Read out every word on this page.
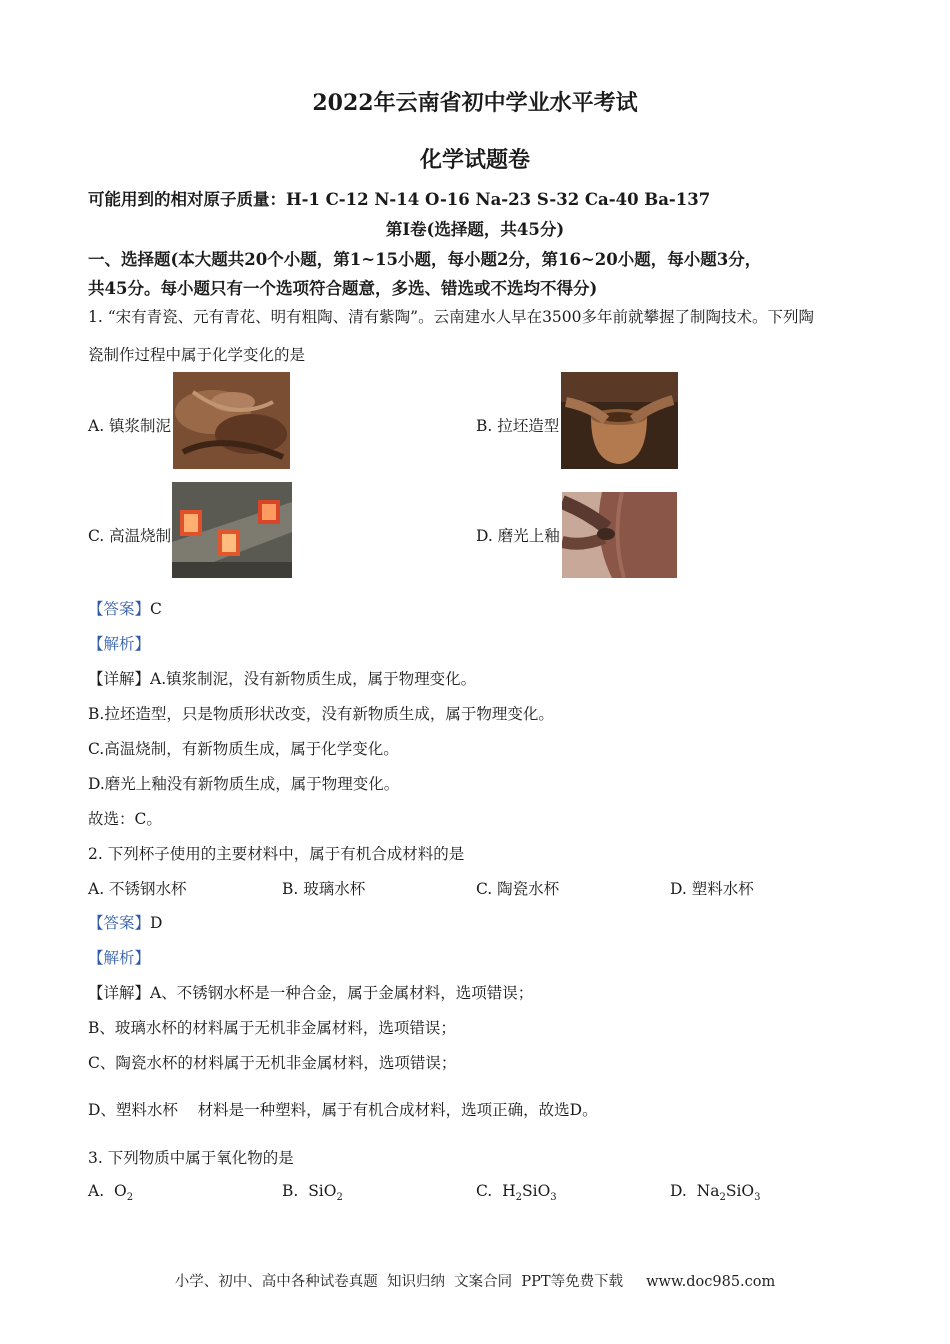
2022年云南省初中学业水平考试
化学试题卷
可能用到的相对原子质量：H-1 C-12 N-14 O-16 Na-23 S-32 Ca-40 Ba-137
第Ⅰ卷(选择题，共45分)
一、选择题(本大题共20个小题，第1~15小题，每小题2分，第16~20小题，每小题3分，
共45分。每小题只有一个选项符合题意，多选、错选或不选均不得分)
1. “宋有青瓷、元有青花、明有粗陶、清有紫陶”。云南建水人早在3500多年前就攀握了制陶技术。下列陶
瓷制作过程中属于化学变化的是
A. 镇浆制泥	B. 拉坯造型
C. 高温烧制	D. 磨光上釉
【答案】C
【解析】
【详解】A.镇浆制泥，没有新物质生成，属于物理变化。
B.拉坯造型，只是物质形状改变，没有新物质生成，属于物理变化。
C.高温烧制，有新物质生成，属于化学变化。
D.磨光上釉没有新物质生成，属于物理变化。
故选：C。
2. 下列杯子使用的主要材料中，属于有机合成材料的是
A. 不锈钢水杯	B. 玻璃水杯	C. 陶瓷水杯	D. 塑料水杯
【答案】D
【解析】
【详解】A、不锈钢水杯是一种合金，属于金属材料，选项错误；
B、玻璃水杯的材料属于无机非金属材料，选项错误；
C、陶瓷水杯的材料属于无机非金属材料，选项错误；
D、塑料水杯    材料是一种塑料，属于有机合成材料，选项正确，故选D。
3. 下列物质中属于氧化物的是
A. $O_2$	B. SiO$_2$	C. $H_2SiO_3$	D. $Na_2SiO_3$
小学、初中、高中各种试卷真题  知识归纳  文案合同  PPT等免费下载     www.doc985.com
